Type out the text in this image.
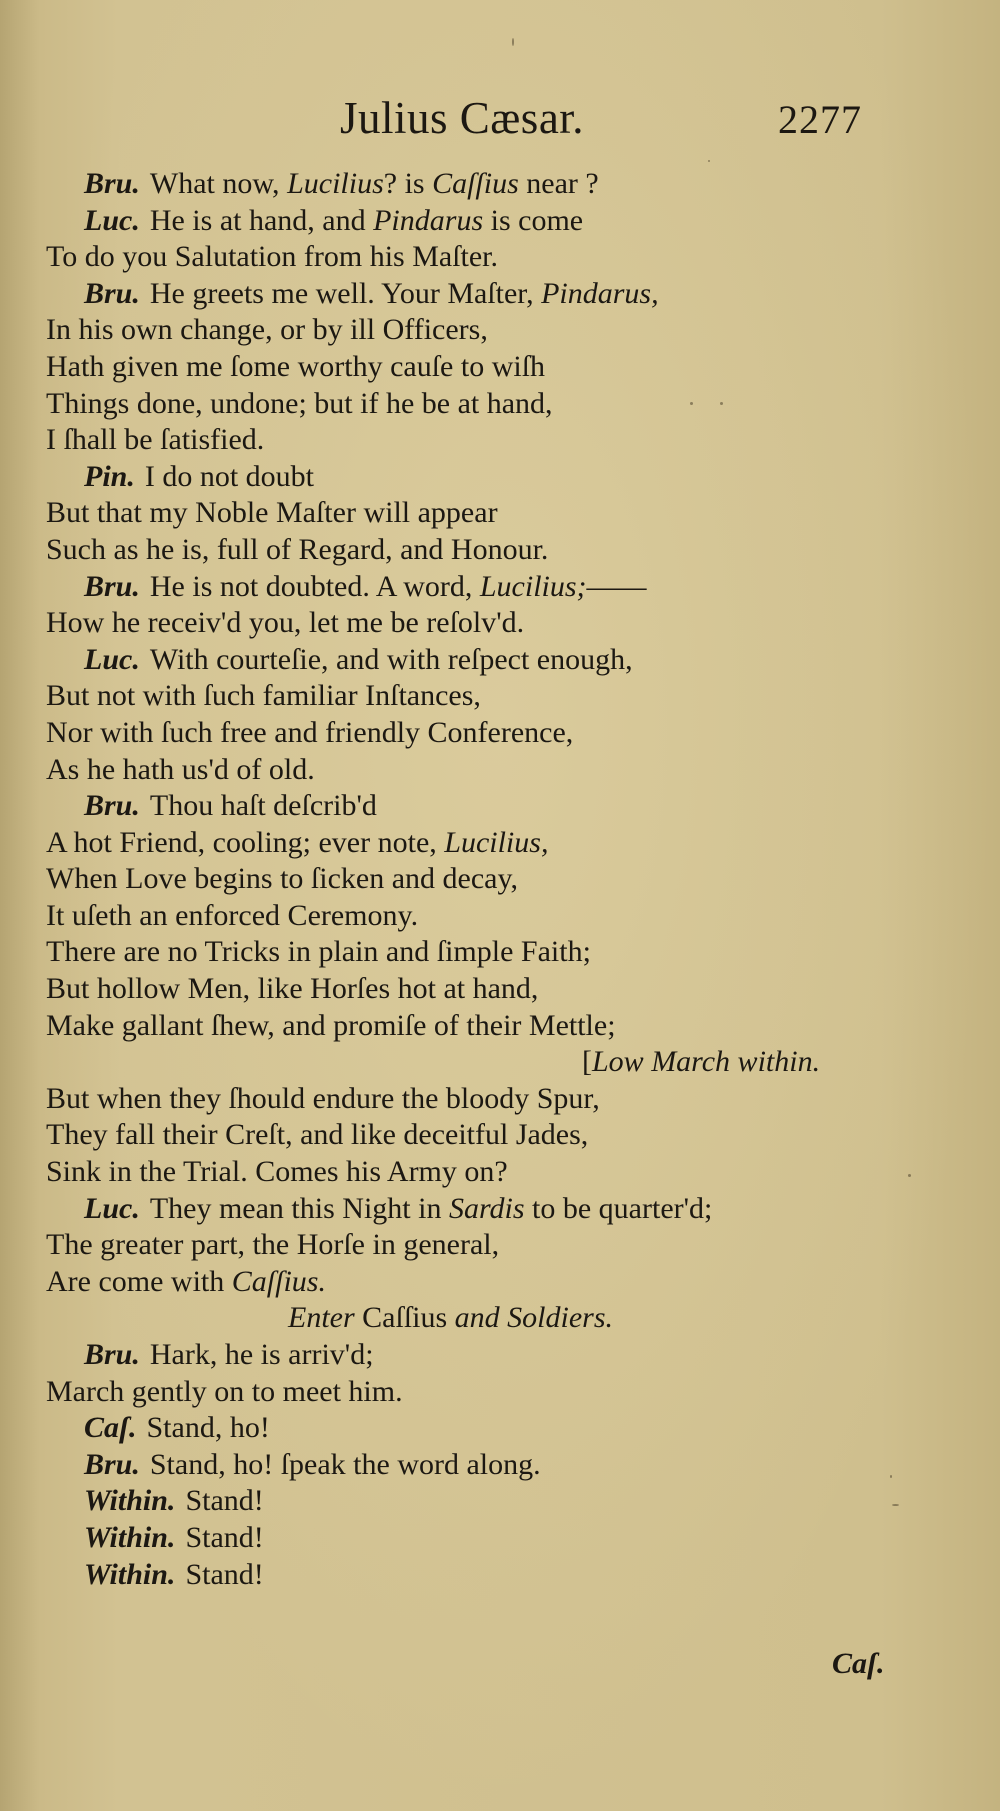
Julius Cæsar.	2277
Bru. What now, Lucilius? is Caſſius near ?
Luc. He is at hand, and Pindarus is come
To do you Salutation from his Maſter.
Bru. He greets me well. Your Maſter, Pindarus,
In his own change, or by ill Officers,
Hath given me ſome worthy cauſe to wiſh
Things done, undone; but if he be at hand,
I ſhall be ſatisfied.
Pin. I do not doubt
But that my Noble Maſter will appear
Such as he is, full of Regard, and Honour.
Bru. He is not doubted. A word, Lucilius;——
How he receiv'd you, let me be reſolv'd.
Luc. With courteſie, and with reſpect enough,
But not with ſuch familiar Inſtances,
Nor with ſuch free and friendly Conference,
As he hath us'd of old.
Bru. Thou haſt deſcrib'd
A hot Friend, cooling; ever note, Lucilius,
When Love begins to ſicken and decay,
It uſeth an enforced Ceremony.
There are no Tricks in plain and ſimple Faith;
But hollow Men, like Horſes hot at hand,
Make gallant ſhew, and promiſe of their Mettle;
[Low March within.
But when they ſhould endure the bloody Spur,
They fall their Creſt, and like deceitful Jades,
Sink in the Trial. Comes his Army on?
Luc. They mean this Night in Sardis to be quarter'd;
The greater part, the Horſe in general,
Are come with Caſſius.
Enter Caſſius and Soldiers.
Bru. Hark, he is arriv'd;
March gently on to meet him.
Caſ. Stand, ho!
Bru. Stand, ho! ſpeak the word along.
Within. Stand!
Within. Stand!
Within. Stand!
Caſ.
